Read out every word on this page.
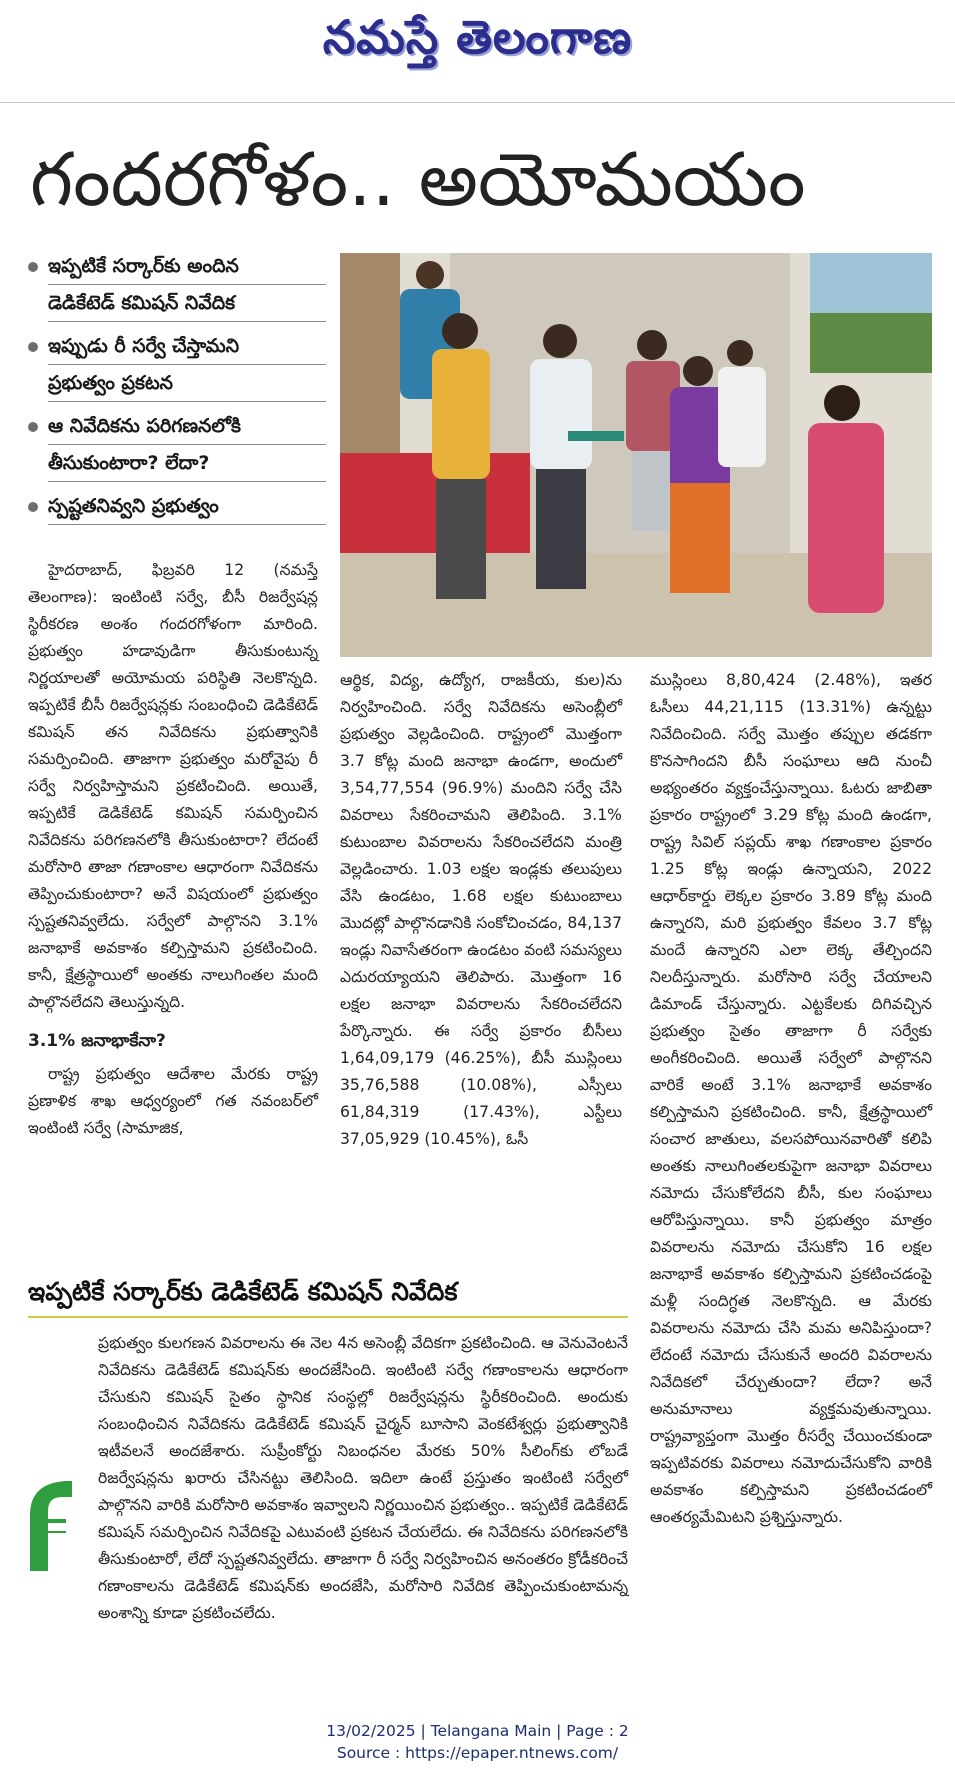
నమస్తే తెలంగాణ
గందరగోళం.. అయోమయం
ఇప్పటికే సర్కార్‌కు అందిన
డెడికేటెడ్ కమిషన్ నివేదిక
ఇప్పుడు రీ సర్వే చేస్తామని
ప్రభుత్వం ప్రకటన
ఆ నివేదికను పరిగణనలోకి
తీసుకుంటారా? లేదా?
స్పష్టతనివ్వని ప్రభుత్వం

హైదరాబాద్, ఫిబ్రవరి 12 (నమస్తే తెలంగాణ): ఇంటింటి సర్వే, బీసీ రిజర్వేషన్ల స్థిరీకరణ అంశం గందరగోళంగా మారింది. ప్రభుత్వం హడావుడిగా తీసుకుంటున్న నిర్ణయాలతో అయోమయ పరిస్థితి నెలకొన్నది. ఇప్పటికే బీసీ రిజర్వేషన్లకు సంబంధించి డెడికేటెడ్ కమిషన్ తన నివేదికను ప్రభుత్వానికి సమర్పించింది. తాజాగా ప్రభుత్వం మరోవైపు రీ సర్వే నిర్వహిస్తామని ప్రకటించింది. అయితే, ఇప్పటికే డెడికేటెడ్ కమిషన్ సమర్పించిన నివేదికను పరిగణనలోకి తీసుకుంటారా? లేదంటే మరోసారి తాజా గణాంకాల ఆధారంగా నివేదికను తెప్పించుకుంటారా? అనే విషయంలో ప్రభుత్వం స్పష్టతనివ్వలేదు. సర్వేలో పాల్గొనని 3.1% జనాభాకే అవకాశం కల్పిస్తామని ప్రకటించింది. కానీ, క్షేత్రస్థాయిలో అంతకు నాలుగింతల మంది పాల్గొనలేదని తెలుస్తున్నది.

3.1% జనాభాకేనా?

రాష్ట్ర ప్రభుత్వం ఆదేశాల మేరకు రాష్ట్ర ప్రణాళిక శాఖ ఆధ్వర్యంలో గత నవంబర్‌లో ఇంటింటి సర్వే (సామాజిక,

ఆర్థిక, విద్య, ఉద్యోగ, రాజకీయ, కుల)ను నిర్వహించింది. సర్వే నివేదికను అసెంబ్లీలో ప్రభుత్వం వెల్లడించింది. రాష్ట్రంలో మొత్తంగా 3.7 కోట్ల మంది జనాభా ఉండగా, అందులో 3,54,77,554 (96.9%) మందిని సర్వే చేసి వివరాలు సేకరించామని తెలిపింది. 3.1% కుటుంబాల వివరాలను సేకరించలేదని మంత్రి వెల్లడించారు. 1.03 లక్షల ఇండ్లకు తలుపులు వేసి ఉండటం, 1.68 లక్షల కుటుంబాలు మొదట్లో పాల్గొనడానికి సంకోచించడం, 84,137 ఇండ్లు నివాసేతరంగా ఉండటం వంటి సమస్యలు ఎదురయ్యాయని తెలిపారు. మొత్తంగా 16 లక్షల జనాభా వివరాలను సేకరించలేదని పేర్కొన్నారు. ఈ సర్వే ప్రకారం బీసీలు 1,64,09,179 (46.25%), బీసీ ముస్లింలు 35,76,588 (10.08%), ఎస్సీలు 61,84,319 (17.43%), ఎస్టీలు 37,05,929 (10.45%), ఓసీ

ముస్లింలు 8,80,424 (2.48%), ఇతర ఓసీలు 44,21,115 (13.31%) ఉన్నట్టు నివేదించింది. సర్వే మొత్తం తప్పుల తడకగా కొనసాగిందని బీసీ సంఘాలు ఆది నుంచీ అభ్యంతరం వ్యక్తంచేస్తున్నాయి. ఓటరు జాబితా ప్రకారం రాష్ట్రంలో 3.29 కోట్ల మంది ఉండగా, రాష్ట్ర సివిల్ సప్లయ్ శాఖ గణాంకాల ప్రకారం 1.25 కోట్ల ఇండ్లు ఉన్నాయని, 2022 ఆధార్‌కార్డు లెక్కల ప్రకారం 3.89 కోట్ల మంది ఉన్నారని, మరి ప్రభుత్వం కేవలం 3.7 కోట్ల మందే ఉన్నారని ఎలా లెక్క తేల్చిందని నిలదీస్తున్నారు. మరోసారి సర్వే చేయాలని డిమాండ్ చేస్తున్నారు. ఎట్టకేలకు దిగివచ్చిన ప్రభుత్వం సైతం తాజాగా రీ సర్వేకు అంగీకరించింది. అయితే సర్వేలో పాల్గొనని వారికే అంటే 3.1% జనాభాకే అవకాశం కల్పిస్తామని ప్రకటించింది. కానీ, క్షేత్రస్థాయిలో సంచార జాతులు, వలసపోయినవారితో కలిపి అంతకు నాలుగింతలకుపైగా జనాభా వివరాలు నమోదు చేసుకోలేదని బీసీ, కుల సంఘాలు ఆరోపిస్తున్నాయి. కానీ ప్రభుత్వం మాత్రం వివరాలను నమోదు చేసుకోని 16 లక్షల జనాభాకే అవకాశం కల్పిస్తామని ప్రకటించడంపై మళ్లీ సందిగ్ధత నెలకొన్నది. ఆ మేరకు వివరాలను నమోదు చేసి మమ అనిపిస్తుందా? లేదంటే నమోదు చేసుకునే అందరి వివరాలను నివేదికలో చేర్చుతుందా? లేదా? అనే అనుమానాలు వ్యక్తమవుతున్నాయి. రాష్ట్రవ్యాప్తంగా మొత్తం రీసర్వే చేయించకుండా ఇప్పటివరకు వివరాలు నమోదుచేసుకోని వారికి అవకాశం కల్పిస్తామని ప్రకటించడంలో ఆంతర్యమేమిటని ప్రశ్నిస్తున్నారు.

ఇప్పటికే సర్కార్‌కు డెడికేటెడ్ కమిషన్ నివేదిక

ప్రభుత్వం కులగణన వివరాలను ఈ నెల 4న అసెంబ్లీ వేదికగా ప్రకటించింది. ఆ వెనువెంటనే నివేదికను డెడికేటెడ్ కమిషన్‌కు అందజేసింది. ఇంటింటి సర్వే గణాంకాలను ఆధారంగా చేసుకుని కమిషన్ సైతం స్థానిక సంస్థల్లో రిజర్వేషన్లను స్థిరీకరించింది. అందుకు సంబంధించిన నివేదికను డెడికేటెడ్ కమిషన్ చైర్మన్ బూసాని వెంకటేశ్వర్లు ప్రభుత్వానికి ఇటీవలనే అందజేశారు. సుప్రీంకోర్టు నిబంధనల మేరకు 50% సీలింగ్‌కు లోబడే రిజర్వేషన్లను ఖరారు చేసినట్టు తెలిసింది. ఇదిలా ఉంటే ప్రస్తుతం ఇంటింటి సర్వేలో పాల్గొనని వారికి మరోసారి అవకాశం ఇవ్వాలని నిర్ణయించిన ప్రభుత్వం.. ఇప్పటికే డెడికేటెడ్ కమిషన్ సమర్పించిన నివేదికపై ఎటువంటి ప్రకటన చేయలేదు. ఈ నివేదికను పరిగణనలోకి తీసుకుంటారో, లేదో స్పష్టతనివ్వలేదు. తాజాగా రీ సర్వే నిర్వహించిన అనంతరం క్రోడీకరించే గణాంకాలను డెడికేటెడ్ కమిషన్‌కు అందజేసి, మరోసారి నివేదిక తెప్పించుకుంటామన్న అంశాన్ని కూడా ప్రకటించలేదు.

13/02/2025 | Telangana Main | Page : 2
Source : https://epaper.ntnews.com/
